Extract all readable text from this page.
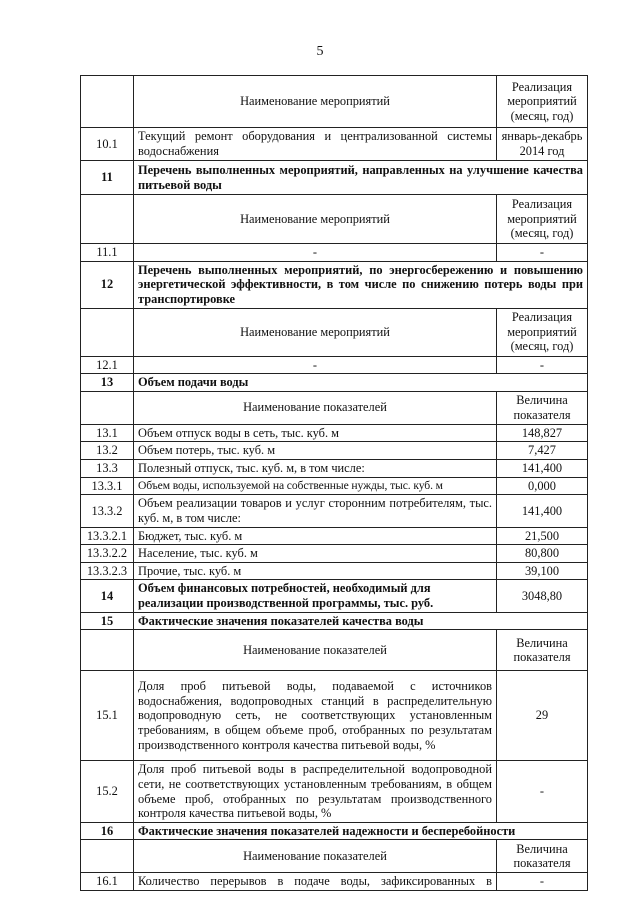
5
	Наименование мероприятий	Реализация мероприятий (месяц, год)
10.1	Текущий ремонт оборудования и централизованной системы водоснабжения	январь-декабрь 2014 год
11	Перечень выполненных мероприятий, направленных на улучшение качества питьевой воды	
	Наименование мероприятий	Реализация мероприятий (месяц, год)
11.1	-	-
12	Перечень выполненных мероприятий, по энергосбережению и повышению энергетической эффективности, в том числе по снижению потерь воды при транспортировке	
	Наименование мероприятий	Реализация мероприятий (месяц, год)
12.1	-	-
13	Объем подачи воды	
	Наименование показателей	Величина показателя
13.1	Объем отпуск воды в сеть, тыс. куб. м	148,827
13.2	Объем потерь, тыс. куб. м	7,427
13.3	Полезный отпуск, тыс. куб. м, в том числе:	141,400
13.3.1	Объем воды, используемой на собственные нужды, тыс. куб. м	0,000
13.3.2	Объем реализации товаров и услуг сторонним потребителям, тыс. куб. м, в том числе:	141,400
13.3.2.1	Бюджет, тыс. куб. м	21,500
13.3.2.2	Население, тыс. куб. м	80,800
13.3.2.3	Прочие, тыс. куб. м	39,100
14	Объем финансовых потребностей, необходимый для реализации производственной программы, тыс. руб.	3048,80
15	Фактические значения показателей качества воды	
	Наименование показателей	Величина показателя
15.1	Доля проб питьевой воды, подаваемой с источников водоснабжения, водопроводных станций в распределительную водопроводную сеть, не соответствующих установленным требованиям, в общем объеме проб, отобранных по результатам производственного контроля качества питьевой воды, %	29
15.2	Доля проб питьевой воды в распределительной водопроводной сети, не соответствующих установленным требованиям, в общем объеме проб, отобранных по результатам производственного контроля качества питьевой воды, %	-
16	Фактические значения показателей надежности и бесперебойности	
	Наименование показателей	Величина показателя
16.1	Количество перерывов в подаче воды, зафиксированных в	-
